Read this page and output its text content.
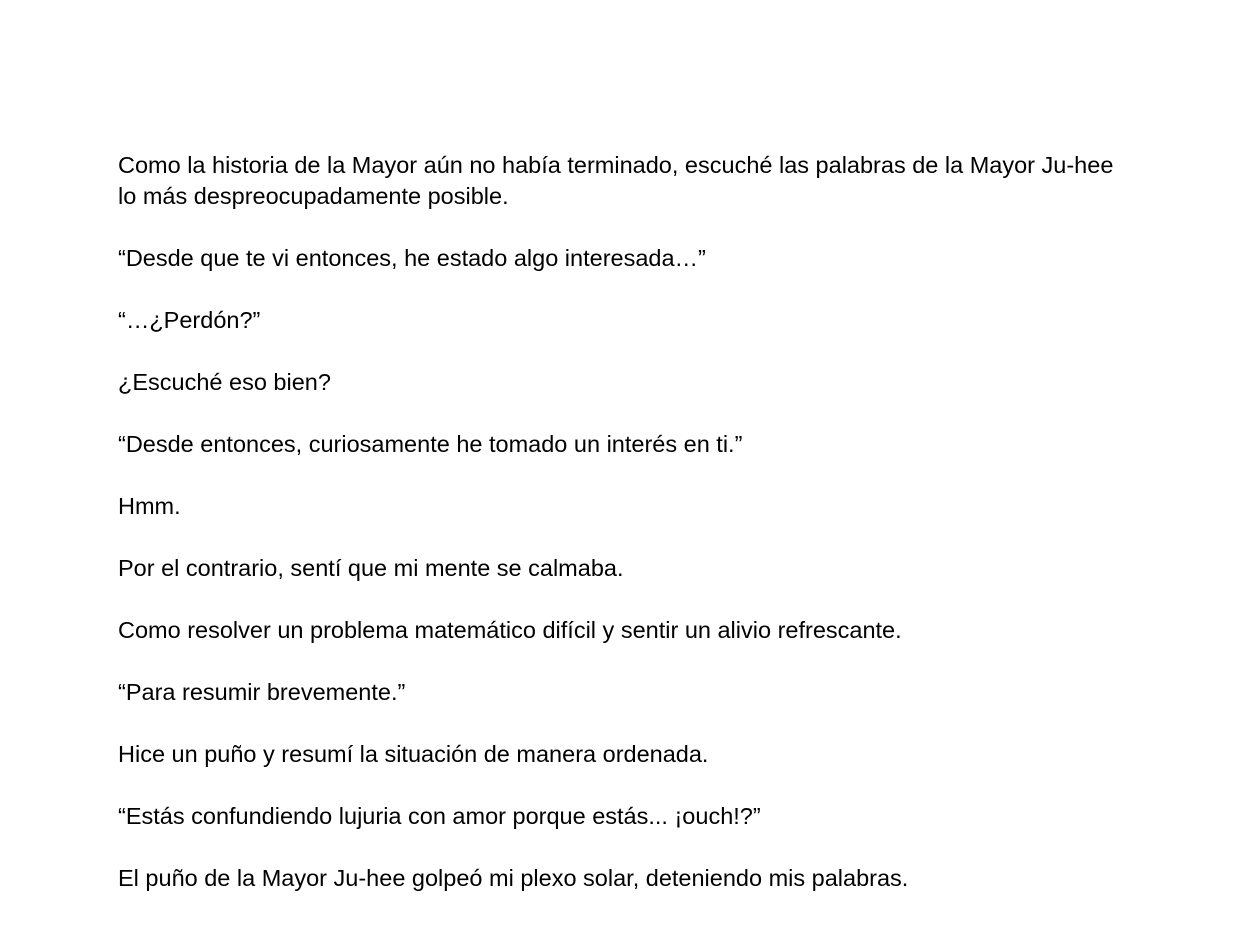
Como la historia de la Mayor aún no había terminado, escuché las palabras de la Mayor Ju-hee lo más despreocupadamente posible.

“Desde que te vi entonces, he estado algo interesada…”

“…¿Perdón?”

¿Escuché eso bien?

“Desde entonces, curiosamente he tomado un interés en ti.”

Hmm.

Por el contrario, sentí que mi mente se calmaba.

Como resolver un problema matemático difícil y sentir un alivio refrescante.

“Para resumir brevemente.”

Hice un puño y resumí la situación de manera ordenada.

“Estás confundiendo lujuria con amor porque estás... ¡ouch!?”

El puño de la Mayor Ju-hee golpeó mi plexo solar, deteniendo mis palabras.
